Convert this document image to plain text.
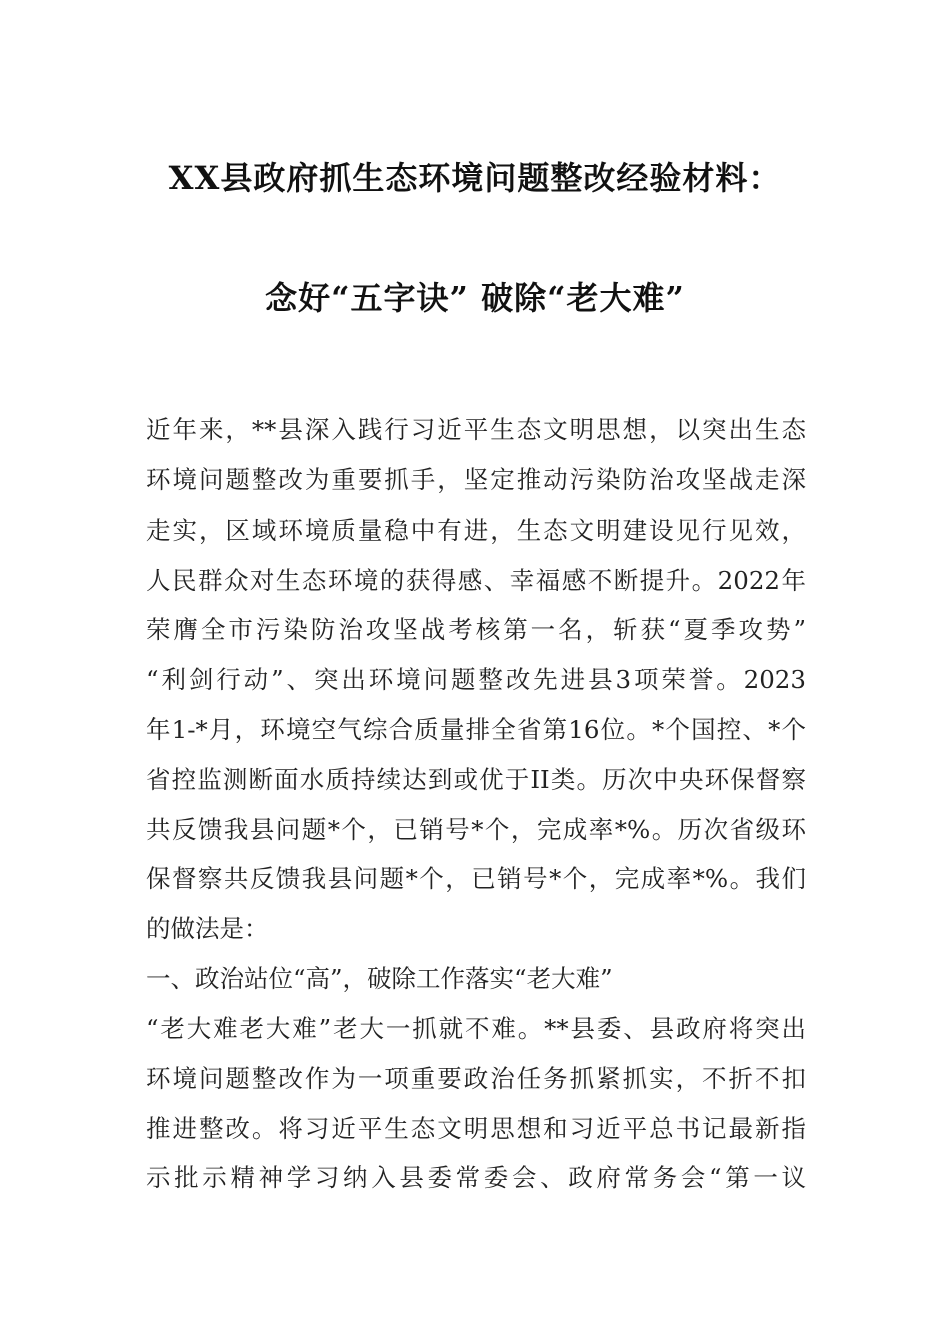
XX县政府抓生态环境问题整改经验材料：
念好“五字诀” 破除“老大难”
近年来，**县深入践行习近平生态文明思想，以突出生态
环境问题整改为重要抓手，坚定推动污染防治攻坚战走深
走实，区域环境质量稳中有进，生态文明建设见行见效，
人民群众对生态环境的获得感、幸福感不断提升。2022年
荣膺全市污染防治攻坚战考核第一名，斩获“夏季攻势”
“利剑行动”、突出环境问题整改先进县3项荣誉。2023
年1-*月，环境空气综合质量排全省第16位。*个国控、*个
省控监测断面水质持续达到或优于II类。历次中央环保督察
共反馈我县问题*个，已销号*个，完成率*%。历次省级环
保督察共反馈我县问题*个，已销号*个，完成率*%。我们
的做法是：
一、政治站位“高”，破除工作落实“老大难”
“老大难老大难”老大一抓就不难。**县委、县政府将突出
环境问题整改作为一项重要政治任务抓紧抓实，不折不扣
推进整改。将习近平生态文明思想和习近平总书记最新指
示批示精神学习纳入县委常委会、政府常务会“第一议
